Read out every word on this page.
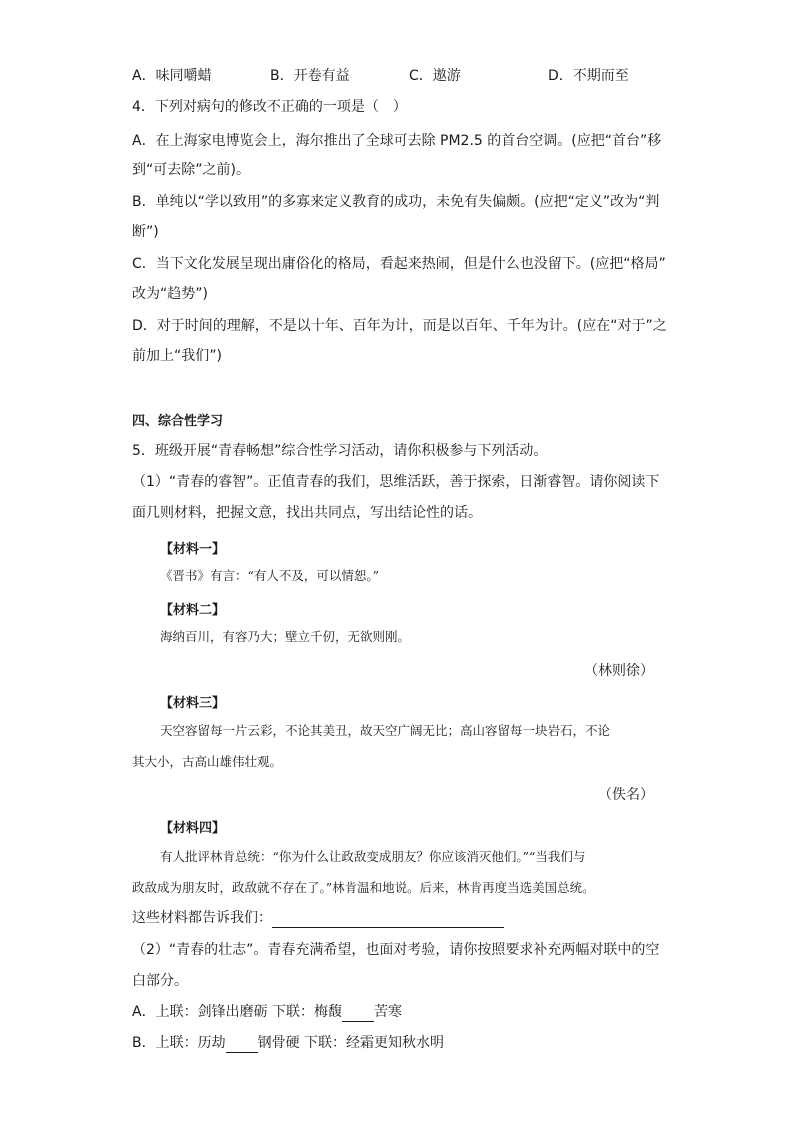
A．味同嚼蜡	B．开卷有益	C．遨游	D．不期而至
4．下列对病句的修改不正确的一项是（　）
A．在上海家电博览会上，海尔推出了全球可去除 PM2.5 的首台空调。(应把“首台”移
到“可去除”之前)。
B．单纯以“学以致用”的多寡来定义教育的成功，未免有失偏颇。(应把“定义”改为“判
断”)
C．当下文化发展呈现出庸俗化的格局，看起来热闹，但是什么也没留下。(应把“格局”
改为“趋势”)
D．对于时间的理解，不是以十年、百年为计，而是以百年、千年为计。(应在“对于”之
前加上“我们”)
四、综合性学习
5．班级开展“青春畅想”综合性学习活动，请你积极参与下列活动。
（1）“青春的睿智”。正值青春的我们，思维活跃，善于探索，日渐睿智。请你阅读下
面几则材料，把握文意，找出共同点，写出结论性的话。
【材料一】
《晋书》有言：“有人不及，可以情恕。”
【材料二】
海纳百川，有容乃大；壁立千仞，无欲则刚。
（林则徐）
【材料三】
天空容留每一片云彩，不论其美丑，故天空广阔无比；高山容留每一块岩石，不论
其大小，古高山雄伟壮观。
（佚名）
【材料四】
有人批评林肯总统：“你为什么让政敌变成朋友？你应该消灭他们。”“当我们与
政敌成为朋友时，政敌就不存在了。”林肯温和地说。后来，林肯再度当选美国总统。
这些材料都告诉我们：
（2）“青春的壮志”。青春充满希望，也面对考验，请你按照要求补充两幅对联中的空
白部分。
A．上联：剑锋出磨砺 下联：梅馥 苦寒
B．上联：历劫 钢骨硬 下联：经霜更知秋水明
